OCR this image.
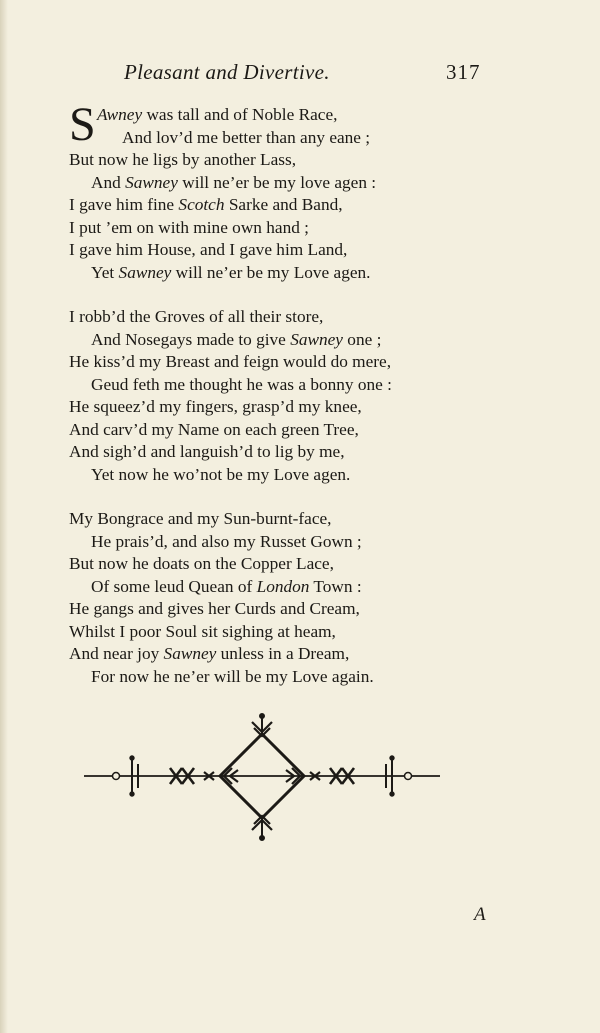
Pleasant and Divertive.	317
S Awney was tall and of Noble Race,
And lov’d me better than any eane ;
But now he ligs by another Lass,
And Sawney will ne’er be my love agen :
I gave him fine Scotch Sarke and Band,
I put ’em on with mine own hand ;
I gave him House, and I gave him Land,
Yet Sawney will ne’er be my Love agen.
I robb’d the Groves of all their store,
And Nosegays made to give Sawney one ;
He kiss’d my Breast and feign would do mere,
Geud feth me thought he was a bonny one :
He squeez’d my fingers, grasp’d my knee,
And carv’d my Name on each green Tree,
And sigh’d and languish’d to lig by me,
Yet now he wo’not be my Love agen.
My Bongrace and my Sun-burnt-face,
He prais’d, and also my Russet Gown ;
But now he doats on the Copper Lace,
Of some leud Quean of London Town :
He gangs and gives her Curds and Cream,
Whilst I poor Soul sit sighing at heam,
And near joy Sawney unless in a Dream,
For now he ne’er will be my Love again.
A
